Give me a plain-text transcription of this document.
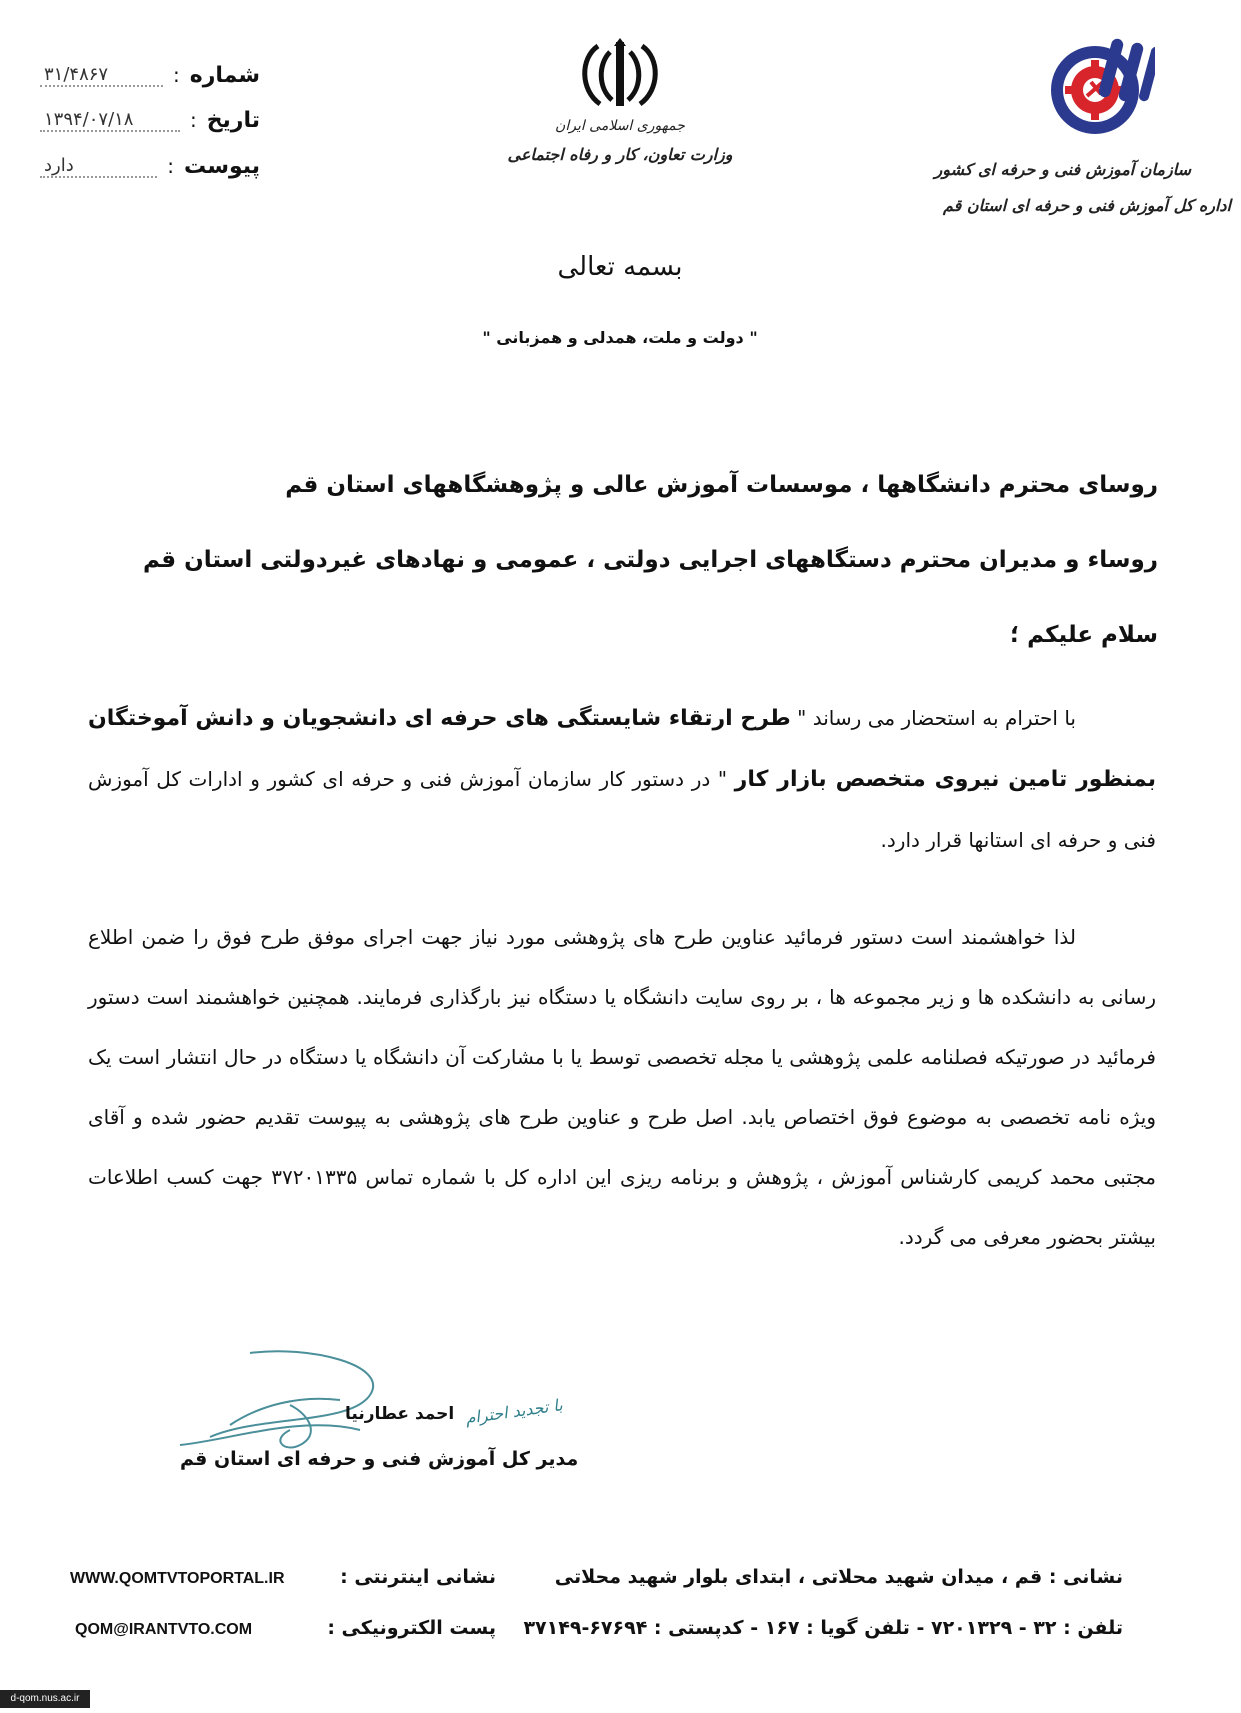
شماره
:
۳۱/۴۸۶۷
تاریخ
:
۱۳۹۴/۰۷/۱۸
پیوست
:
دارد
جمهوری اسلامی ایران
وزارت تعاون، کار و رفاه اجتماعی
سازمان آموزش فنی و حرفه ای کشور
اداره کل آموزش فنی و حرفه ای استان قم
بسمه تعالی
" دولت و ملت، همدلی و همزبانی "
روسای محترم دانشگاهها ، موسسات آموزش عالی و پژوهشگاههای استان قم
روساء و مدیران محترم دستگاههای اجرایی دولتی ، عمومی و نهادهای غیردولتی استان قم
سلام علیکم ؛
با احترام به استحضار می رساند " طرح ارتقاء شایستگی های حرفه ای دانشجویان و دانش آموختگان بمنظور تامین نیروی متخصص بازار کار " در دستور کار سازمان آموزش فنی و حرفه ای کشور و ادارات کل آموزش فنی و حرفه ای استانها قرار دارد.
لذا خواهشمند است دستور فرمائید عناوین طرح های پژوهشی مورد نیاز جهت اجرای موفق طرح فوق را ضمن اطلاع رسانی به دانشکده ها و زیر مجموعه ها ، بر روی سایت دانشگاه یا دستگاه نیز بارگذاری فرمایند. همچنین خواهشمند است دستور فرمائید در صورتیکه فصلنامه علمی پژوهشی یا مجله تخصصی توسط یا با مشارکت آن دانشگاه یا دستگاه در حال انتشار است یک ویژه نامه تخصصی به موضوع فوق اختصاص یابد. اصل طرح و عناوین طرح های پژوهشی به پیوست تقدیم حضور شده و آقای مجتبی محمد کریمی کارشناس آموزش ، پژوهش و برنامه ریزی این اداره کل با شماره تماس ۳۷۲۰۱۳۳۵ جهت کسب اطلاعات بیشتر بحضور معرفی می گردد.
با تجدید احترام
احمد عطارنیا
مدیر کل آموزش فنی و حرفه ای استان قم
نشانی : قم ، میدان شهید محلاتی ، ابتدای بلوار شهید محلاتی
تلفن : ۳۲ - ۷۲۰۱۳۲۹ - تلفن گویا : ۱۶۷ - کدپستی : ۶۷۶۹۴-۳۷۱۴۹
نشانی اینترنتی :
WWW.QOMTVTOPORTAL.IR
پست الکترونیکی :
QOM@IRANTVTO.COM
d-qom.nus.ac.ir
